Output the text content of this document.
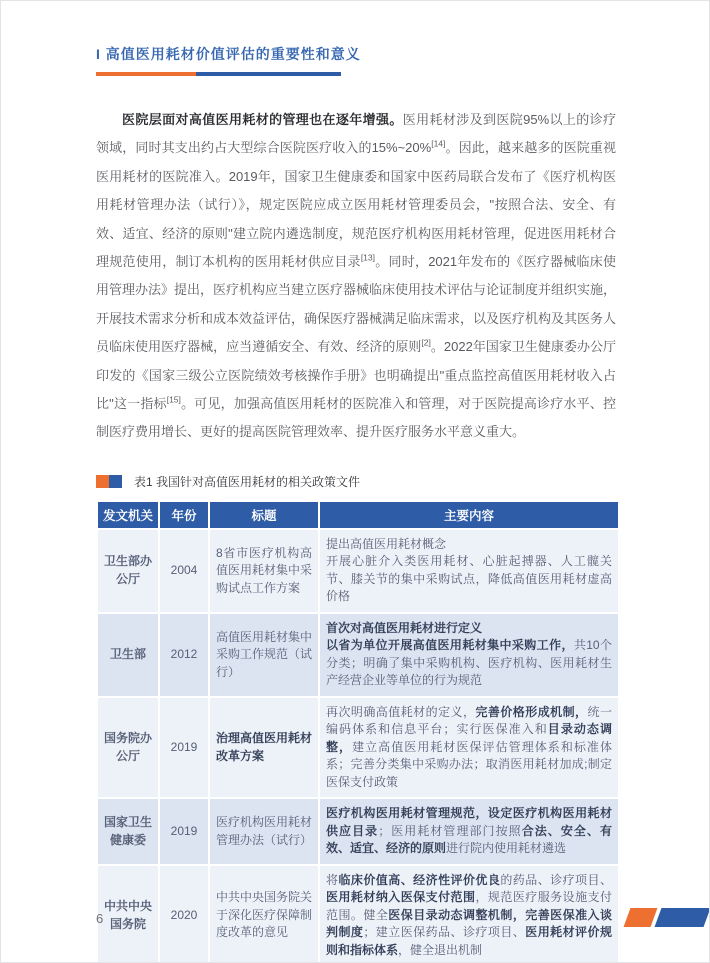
I 高值医用耗材价值评估的重要性和意义

医院层面对高值医用耗材的管理也在逐年增强。医用耗材涉及到医院95%以上的诊疗领域，同时其支出约占大型综合医院医疗收入的15%~20%[14]。因此，越来越多的医院重视医用耗材的医院准入。2019年，国家卫生健康委和国家中医药局联合发布了《医疗机构医用耗材管理办法（试行）》，规定医院应成立医用耗材管理委员会，"按照合法、安全、有效、适宜、经济的原则"建立院内遴选制度，规范医疗机构医用耗材管理，促进医用耗材合理规范使用，制订本机构的医用耗材供应目录[13]。同时，2021年发布的《医疗器械临床使用管理办法》提出，医疗机构应当建立医疗器械临床使用技术评估与论证制度并组织实施，开展技术需求分析和成本效益评估，确保医疗器械满足临床需求，以及医疗机构及其医务人员临床使用医疗器械，应当遵循安全、有效、经济的原则[2]。2022年国家卫生健康委办公厅印发的《国家三级公立医院绩效考核操作手册》也明确提出"重点监控高值医用耗材收入占比"这一指标[15]。可见，加强高值医用耗材的医院准入和管理，对于医院提高诊疗水平、控制医疗费用增长、更好的提高医院管理效率、提升医疗服务水平意义重大。

表1 我国针对高值医用耗材的相关政策文件
发文机关	年份	标题	主要内容
卫生部办公厅	2004	8省市医疗机构高值医用耗材集中采购试点工作方案	提出高值医用耗材概念
开展心脏介入类医用耗材、心脏起搏器、人工髋关节、膝关节的集中采购试点，降低高值医用耗材虚高价格
卫生部	2012	高值医用耗材集中采购工作规范（试行）	首次对高值医用耗材进行定义
以省为单位开展高值医用耗材集中采购工作，共10个分类；明确了集中采购机构、医疗机构、医用耗材生产经营企业等单位的行为规范
国务院办公厅	2019	治理高值医用耗材改革方案	再次明确高值耗材的定义，完善价格形成机制，统一编码体系和信息平台；实行医保准入和目录动态调整，建立高值医用耗材医保评估管理体系和标准体系；完善分类集中采购办法；取消医用耗材加成;制定医保支付政策
国家卫生健康委	2019	医疗机构医用耗材管理办法（试行）	医疗机构医用耗材管理规范，设定医疗机构医用耗材供应目录；医用耗材管理部门按照合法、安全、有效、适宜、经济的原则进行院内使用耗材遴选
中共中央国务院	2020	中共中央国务院关于深化医疗保障制度改革的意见	将临床价值高、经济性评价优良的药品、诊疗项目、医用耗材纳入医保支付范围，规范医疗服务设施支付范围。健全医保目录动态调整机制，完善医保准入谈判制度；建立医保药品、诊疗项目、医用耗材评价规则和指标体系，健全退出机制
6
